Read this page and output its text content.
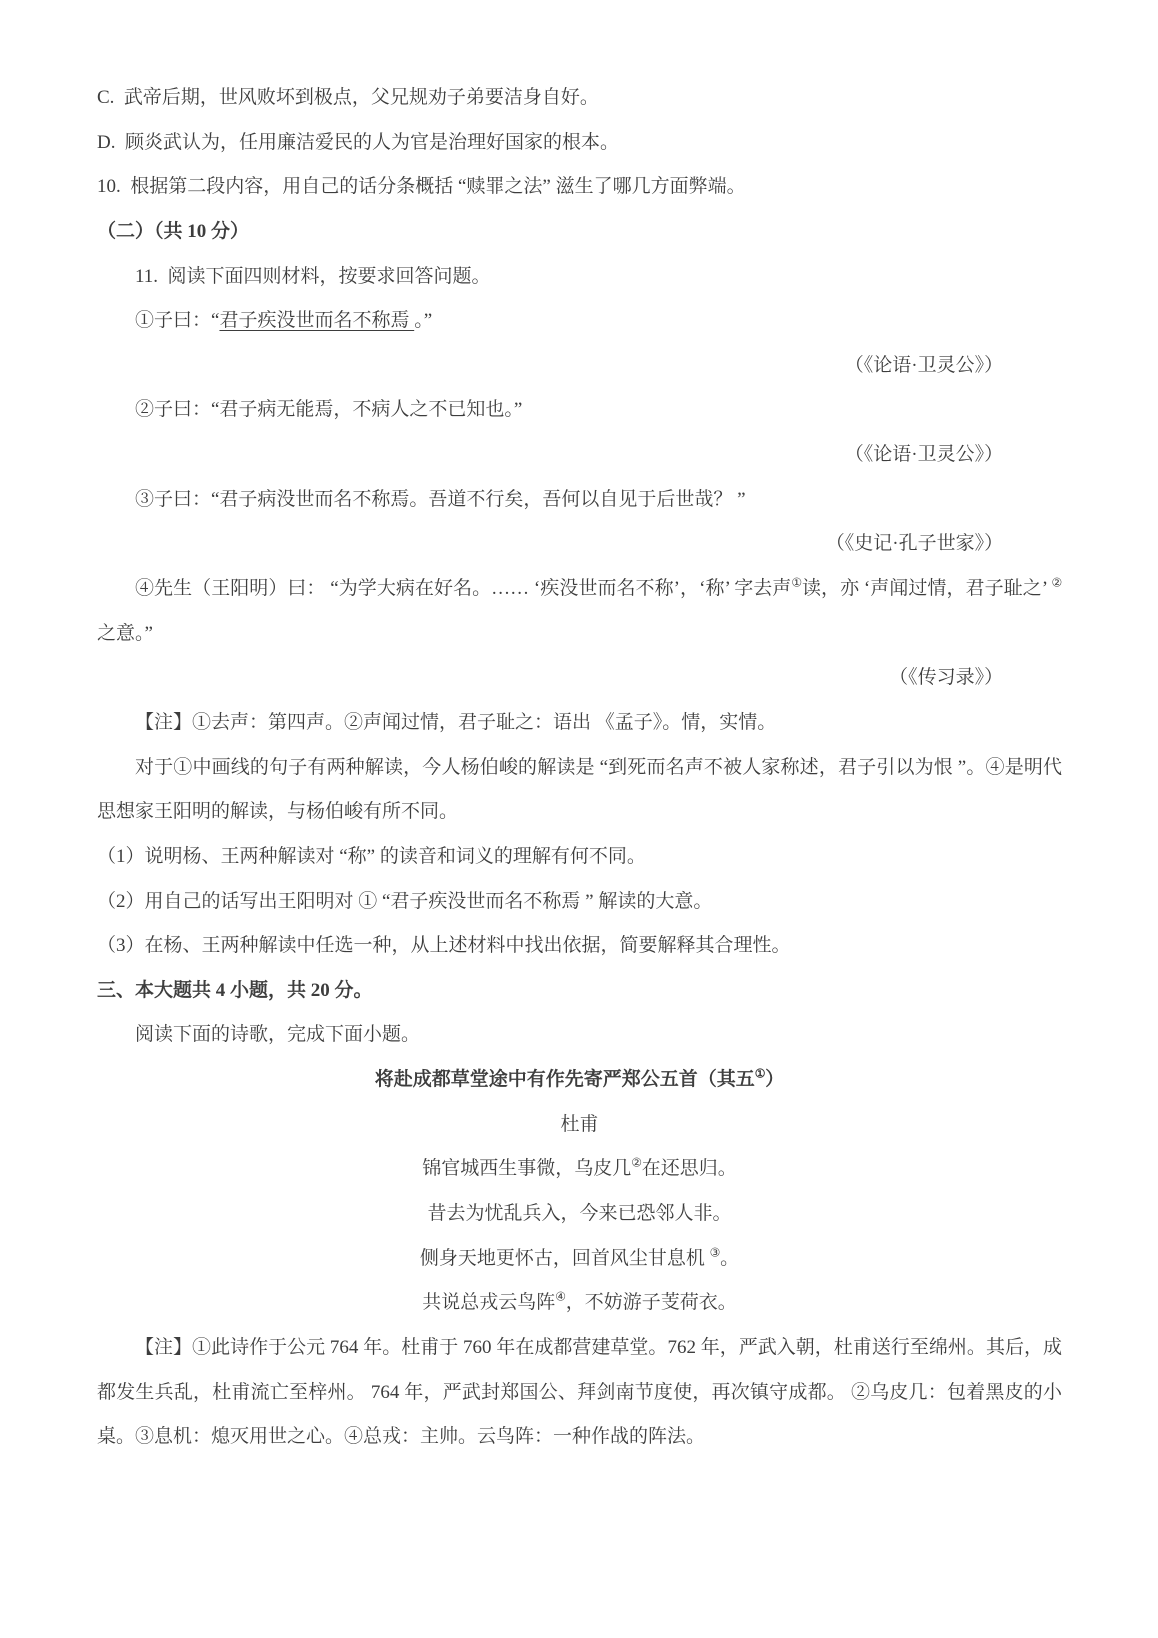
C.  武帝后期，世风败坏到极点，父兄规劝子弟要洁身自好。

D.  顾炎武认为，任用廉洁爱民的人为官是治理好国家的根本。

10.  根据第二段内容，用自己的话分条概括 “赎罪之法” 滋生了哪几方面弊端。

（二）（共 10 分）

11.  阅读下面四则材料，按要求回答问题。

①子曰：“君子疾没世而名不称焉 。”

（《论语·卫灵公》）

②子曰：“君子病无能焉，不病人之不已知也。”

（《论语·卫灵公》）

③子曰：“君子病没世而名不称焉。吾道不行矣，吾何以自见于后世哉？ ”

（《史记·孔子世家》）

④先生（王阳明）曰： “为学大病在好名。…… ‘疾没世而名不称’，‘称’ 字去声①读，亦 ‘声闻过情，君子耻之’ ②之意。”

（《传习录》）

【注】①去声：第四声。②声闻过情，君子耻之：语出 《孟子》。情，实情。

对于①中画线的句子有两种解读，今人杨伯峻的解读是 “到死而名声不被人家称述，君子引以为恨 ”。④是明代思想家王阳明的解读，与杨伯峻有所不同。

（1）说明杨、王两种解读对 “称” 的读音和词义的理解有何不同。

（2）用自己的话写出王阳明对 ① “君子疾没世而名不称焉 ” 解读的大意。

（3）在杨、王两种解读中任选一种，从上述材料中找出依据，简要解释其合理性。

三、本大题共 4 小题，共 20 分。

阅读下面的诗歌，完成下面小题。

将赴成都草堂途中有作先寄严郑公五首（其五①）

杜甫

锦官城西生事微，乌皮几②在还思归。

昔去为忧乱兵入，今来已恐邻人非。

侧身天地更怀古，回首风尘甘息机 ③。

共说总戎云鸟阵④，不妨游子芰荷衣。

【注】①此诗作于公元 764 年。杜甫于 760 年在成都营建草堂。762 年，严武入朝，杜甫送行至绵州。其后，成都发生兵乱，杜甫流亡至梓州。 764 年，严武封郑国公、拜剑南节度使，再次镇守成都。 ②乌皮几：包着黑皮的小桌。③息机：熄灭用世之心。④总戎：主帅。云鸟阵：一种作战的阵法。
